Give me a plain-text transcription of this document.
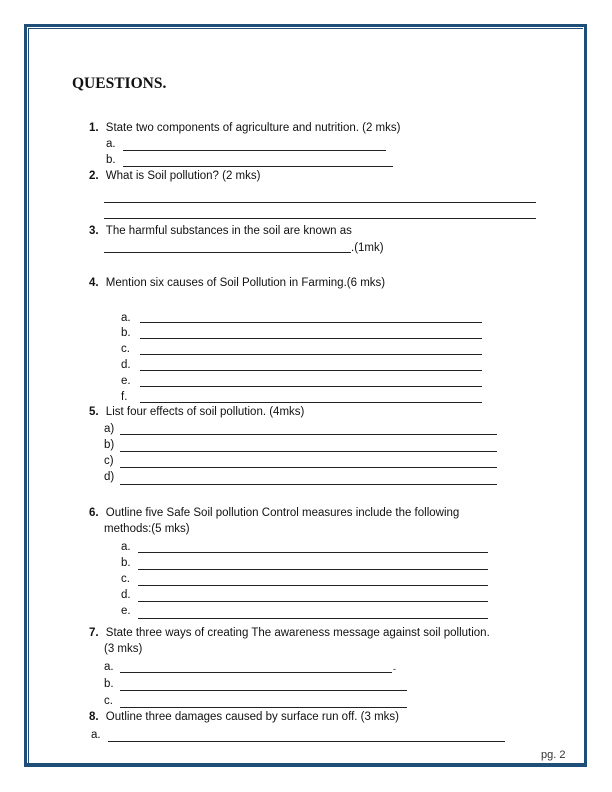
QUESTIONS.
1. State two components of agriculture and nutrition. (2 mks)
a.
b.
2. What is Soil pollution? (2 mks)
3. The harmful substances in the soil are known as
.(1mk)
4. Mention six causes of Soil Pollution in Farming.(6 mks)
a.
b.
c.
d.
e.
f.
5. List four effects of soil pollution. (4mks)
a)
b)
c)
d)
6. Outline five Safe Soil pollution Control measures include the following
methods:(5 mks)
a.
b.
c.
d.
e.
7. State three ways of creating The awareness message against soil pollution.
(3 mks)
a.	-
b.
c.
8. Outline three damages caused by surface run off. (3 mks)
a.
pg. 2
